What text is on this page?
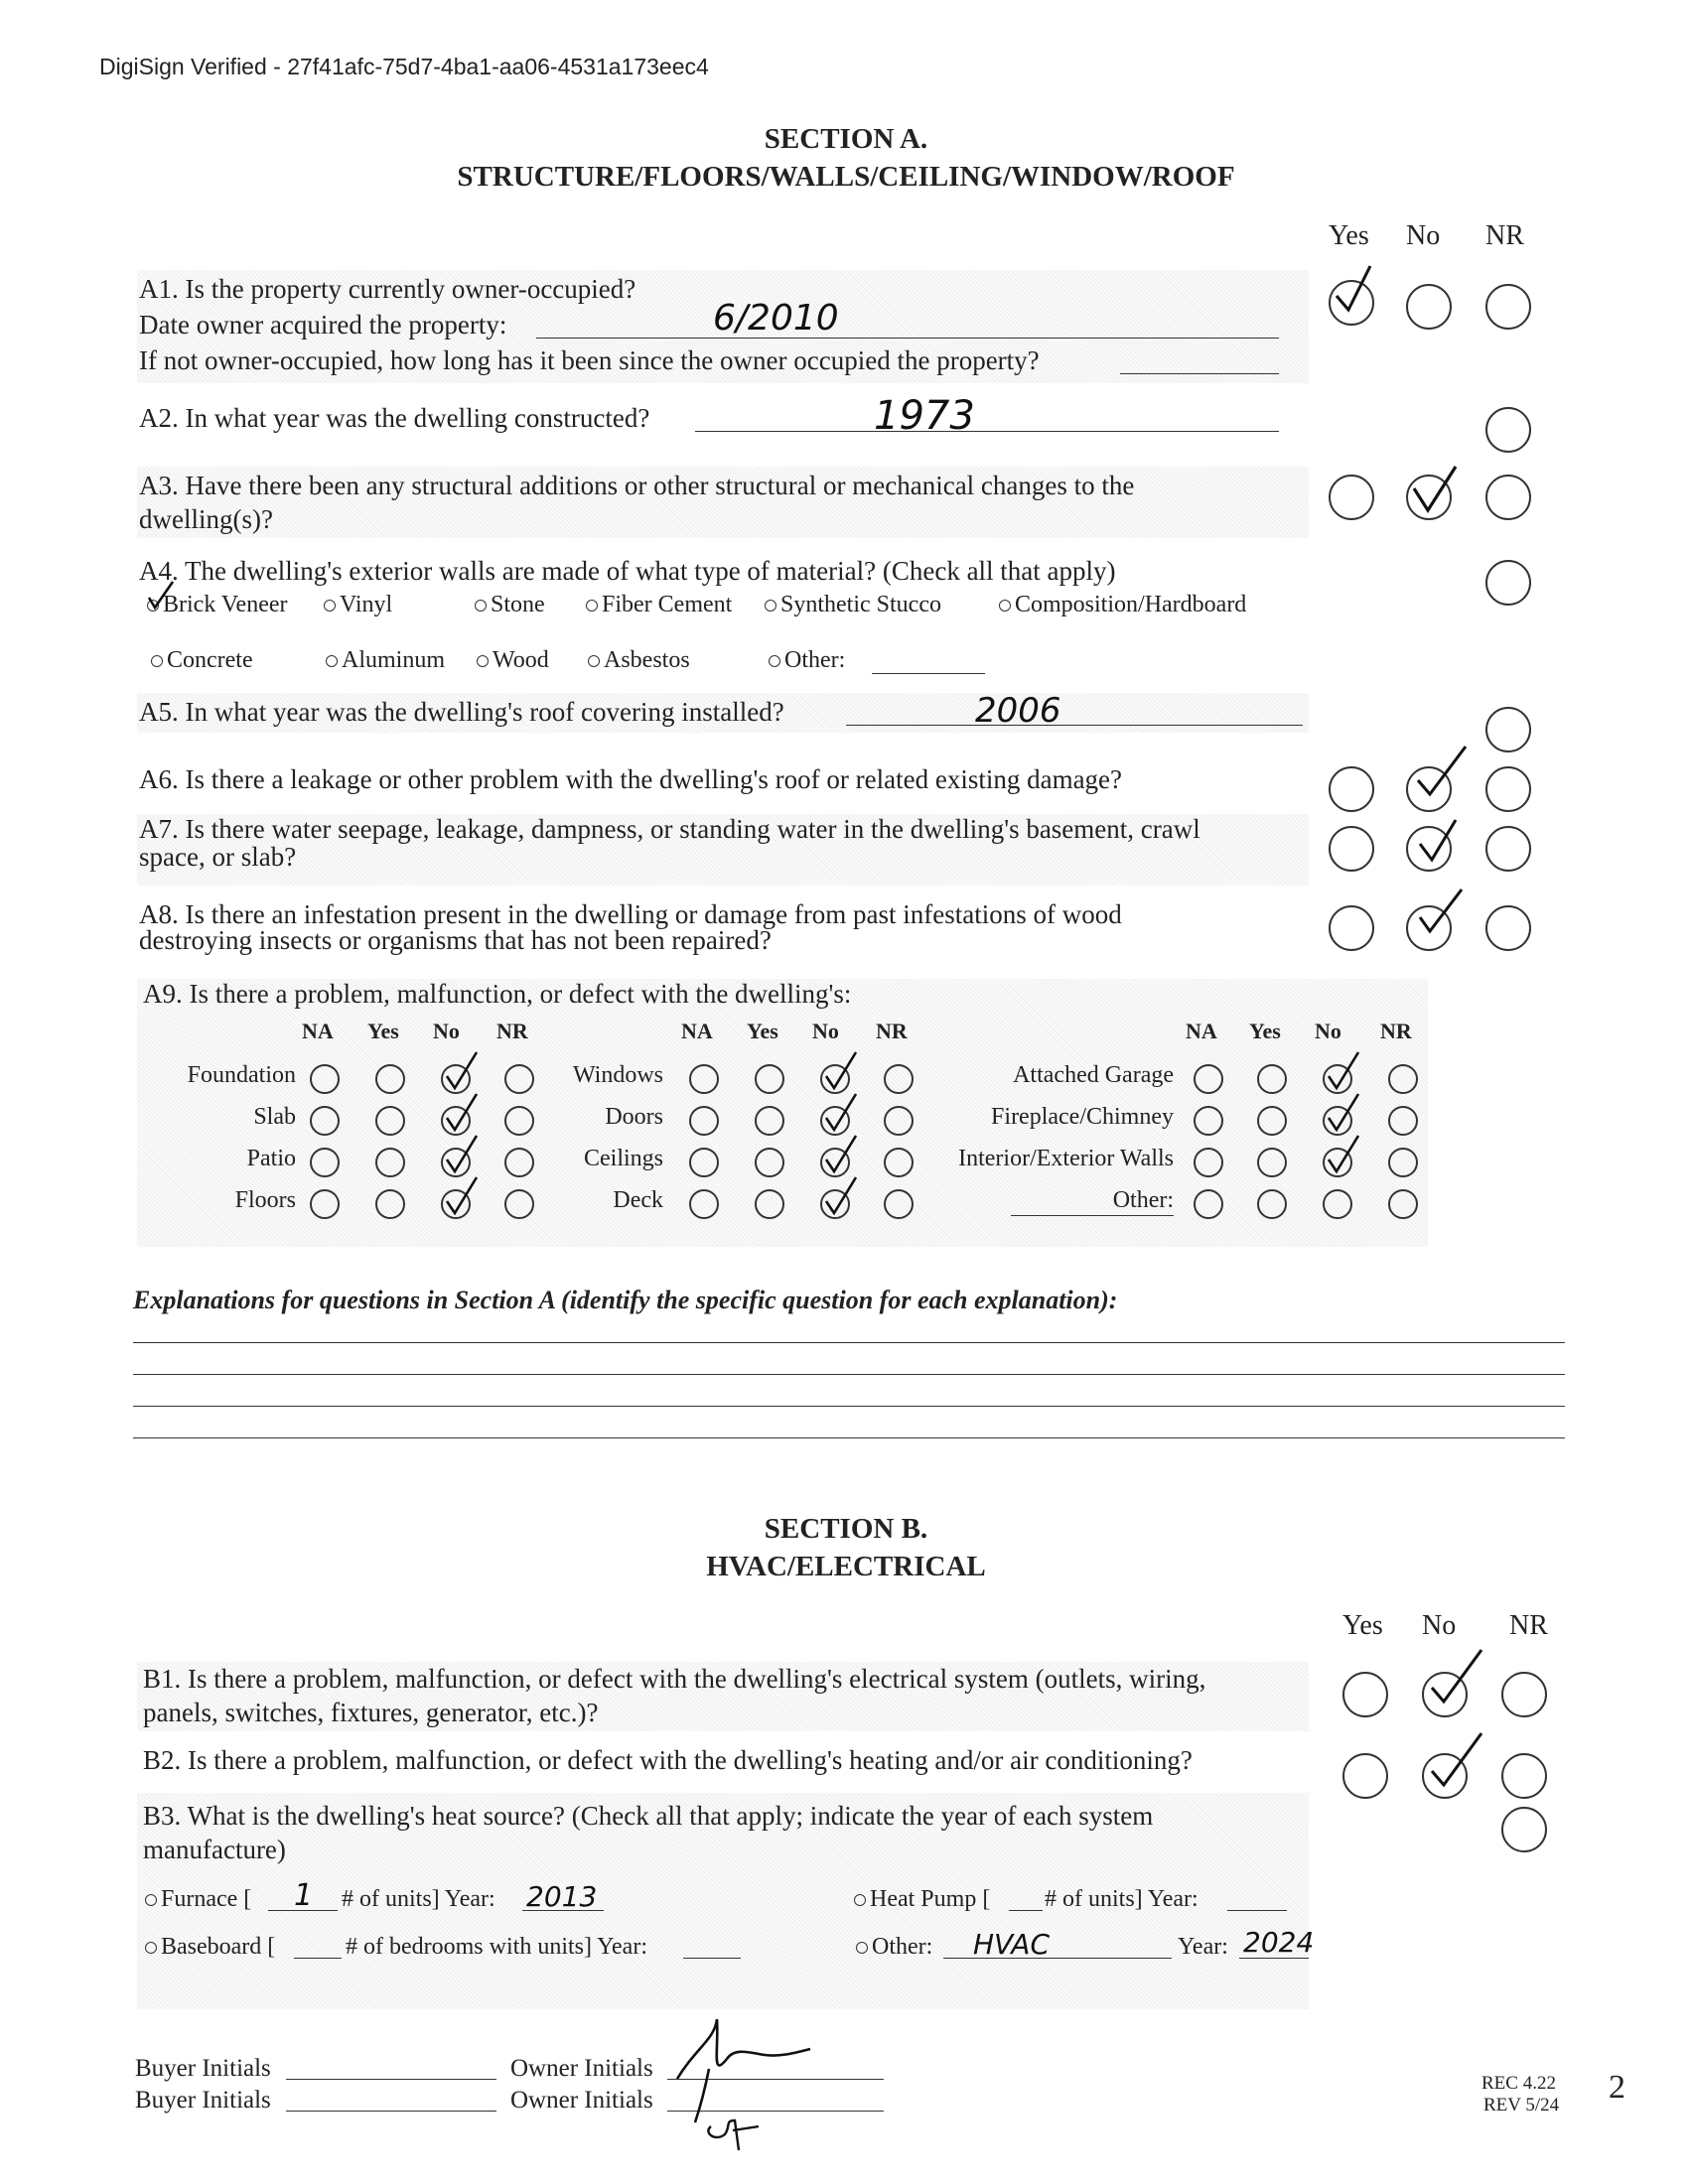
DigiSign Verified - 27f41afc-75d7-4ba1-aa06-4531a173eec4
SECTION A.
STRUCTURE/FLOORS/WALLS/CEILING/WINDOW/ROOF
Yes No NR
A1. Is the property currently owner-occupied?
Date owner acquired the property:	6/2010
If not owner-occupied, how long has it been since the owner occupied the property?
A2. In what year was the dwelling constructed?	1973
A3. Have there been any structural additions or other structural or mechanical changes to the
dwelling(s)?
A4. The dwelling's exterior walls are made of what type of material? (Check all that apply)
Brick Veneer	Vinyl	Stone	Fiber Cement	Synthetic Stucco	Composition/Hardboard
Concrete	Aluminum	Wood	Asbestos	Other:
A5. In what year was the dwelling's roof covering installed?	2006
A6. Is there a leakage or other problem with the dwelling's roof or related existing damage?
A7. Is there water seepage, leakage, dampness, or standing water in the dwelling's basement, crawl
space, or slab?
A8. Is there an infestation present in the dwelling or damage from past infestations of wood
destroying insects or organisms that has not been repaired?
A9. Is there a problem, malfunction, or defect with the dwelling's:
NA Yes No NR
Foundation
Slab
Patio
Floors
NA Yes No NR
Windows
Doors
Ceilings
Deck
NA Yes No NR
Attached Garage
Fireplace/Chimney
Interior/Exterior Walls
Other:
Explanations for questions in Section A (identify the specific question for each explanation):
SECTION B.
HVAC/ELECTRICAL
Yes No NR
B1. Is there a problem, malfunction, or defect with the dwelling's electrical system (outlets, wiring,
panels, switches, fixtures, generator, etc.)?
B2. Is there a problem, malfunction, or defect with the dwelling's heating and/or air conditioning?
B3. What is the dwelling's heat source? (Check all that apply; indicate the year of each system
manufacture)
Furnace [ 1 # of units] Year: 2013	Heat Pump [ # of units] Year:
Baseboard [	# of bedrooms with units] Year:	Other: HVAC	Year: 2024
Buyer Initials
Buyer Initials
Owner Initials
Owner Initials
REC 4.22
REV 5/24 2
